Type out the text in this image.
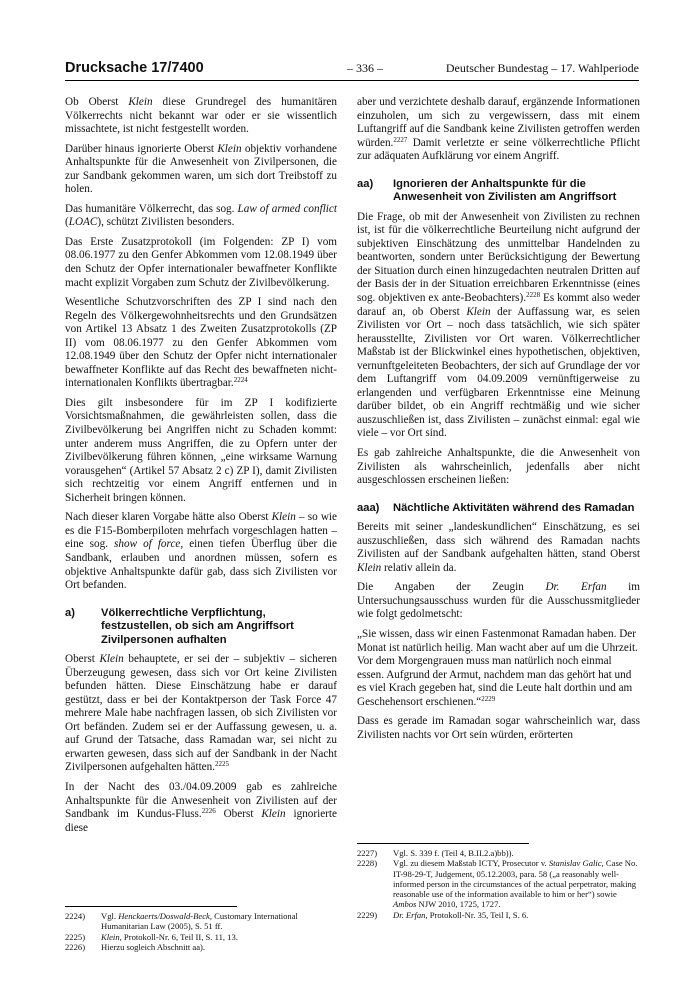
Drucksache 17/7400	– 336 –	Deutscher Bundestag – 17. Wahlperiode

Ob Oberst Klein diese Grundregel des humanitären Völkerrechts nicht bekannt war oder er sie wissentlich missachtete, ist nicht festgestellt worden.

Darüber hinaus ignorierte Oberst Klein objektiv vorhandene Anhaltspunkte für die Anwesenheit von Zivilpersonen, die zur Sandbank gekommen waren, um sich dort Treibstoff zu holen.

Das humanitäre Völkerrecht, das sog. Law of armed conflict (LOAC), schützt Zivilisten besonders.

Das Erste Zusatzprotokoll (im Folgenden: ZP I) vom 08.06.1977 zu den Genfer Abkommen vom 12.08.1949 über den Schutz der Opfer internationaler bewaffneter Konflikte macht explizit Vorgaben zum Schutz der Zivilbevölkerung.

Wesentliche Schutzvorschriften des ZP I sind nach den Regeln des Völkergewohnheitsrechts und den Grundsätzen von Artikel 13 Absatz 1 des Zweiten Zusatzprotokolls (ZP II) vom 08.06.1977 zu den Genfer Abkommen vom 12.08.1949 über den Schutz der Opfer nicht internationaler bewaffneter Konflikte auf das Recht des bewaffneten nicht-internationalen Konflikts übertragbar.$^{2224}$

Dies gilt insbesondere für im ZP I kodifizierte Vorsichtsmaßnahmen, die gewährleisten sollen, dass die Zivilbevölkerung bei Angriffen nicht zu Schaden kommt: unter anderem muss Angriffen, die zu Opfern unter der Zivilbevölkerung führen können, „eine wirksame Warnung vorausgehen“ (Artikel 57 Absatz 2 c) ZP I), damit Zivilisten sich rechtzeitig vor einem Angriff entfernen und in Sicherheit bringen können.

Nach dieser klaren Vorgabe hätte also Oberst Klein – so wie es die F15-Bomberpiloten mehrfach vorgeschlagen hatten – eine sog. show of force, einen tiefen Überflug über die Sandbank, erlauben und anordnen müssen, sofern es objektive Anhaltspunkte dafür gab, dass sich Zivilisten vor Ort befanden.

a)	Völkerrechtliche Verpflichtung, festzustellen, ob sich am Angriffsort Zivilpersonen aufhalten

Oberst Klein behauptete, er sei der – subjektiv – sicheren Überzeugung gewesen, dass sich vor Ort keine Zivilisten befunden hätten. Diese Einschätzung habe er darauf gestützt, dass er bei der Kontaktperson der Task Force 47 mehrere Male habe nachfragen lassen, ob sich Zivilisten vor Ort befänden. Zudem sei er der Auffassung gewesen, u. a. auf Grund der Tatsache, dass Ramadan war, sei nicht zu erwarten gewesen, dass sich auf der Sandbank in der Nacht Zivilpersonen aufgehalten hätten.$^{2225}$

In der Nacht des 03./04.09.2009 gab es zahlreiche Anhaltspunkte für die Anwesenheit von Zivilisten auf der Sandbank im Kundus-Fluss.$^{2226}$ Oberst Klein ignorierte diese

2224)	Vgl. Henckaerts/Doswald-Beck, Customary International Humanitarian Law (2005), S. 51 ff.
2225)	Klein, Protokoll-Nr. 6, Teil II, S. 11, 13.
2226)	Hierzu sogleich Abschnitt aa).

aber und verzichtete deshalb darauf, ergänzende Informationen einzuholen, um sich zu vergewissern, dass mit einem Luftangriff auf die Sandbank keine Zivilisten getroffen werden würden.$^{2227}$ Damit verletzte er seine völkerrechtliche Pflicht zur adäquaten Aufklärung vor einem Angriff.

aa)	Ignorieren der Anhaltspunkte für die Anwesenheit von Zivilisten am Angriffsort

Die Frage, ob mit der Anwesenheit von Zivilisten zu rechnen ist, ist für die völkerrechtliche Beurteilung nicht aufgrund der subjektiven Einschätzung des unmittelbar Handelnden zu beantworten, sondern unter Berücksichtigung der Bewertung der Situation durch einen hinzugedachten neutralen Dritten auf der Basis der in der Situation erreichbaren Erkenntnisse (eines sog. objektiven ex ante-Beobachters).$^{2228}$ Es kommt also weder darauf an, ob Oberst Klein der Auffassung war, es seien Zivilisten vor Ort – noch dass tatsächlich, wie sich später herausstellte, Zivilisten vor Ort waren. Völkerrechtlicher Maßstab ist der Blickwinkel eines hypothetischen, objektiven, vernunftgeleiteten Beobachters, der sich auf Grundlage der vor dem Luftangriff vom 04.09.2009 vernünftigerweise zu erlangenden und verfügbaren Erkenntnisse eine Meinung darüber bildet, ob ein Angriff rechtmäßig und wie sicher auszuschließen ist, dass Zivilisten – zunächst einmal: egal wie viele – vor Ort sind.

Es gab zahlreiche Anhaltspunkte, die die Anwesenheit von Zivilisten als wahrscheinlich, jedenfalls aber nicht ausgeschlossen erscheinen ließen:

aaa)	Nächtliche Aktivitäten während des Ramadan

Bereits mit seiner „landeskundlichen“ Einschätzung, es sei auszuschließen, dass sich während des Ramadan nachts Zivilisten auf der Sandbank aufgehalten hätten, stand Oberst Klein relativ allein da.

Die Angaben der Zeugin Dr. Erfan im Untersuchungsausschuss wurden für die Ausschussmitglieder wie folgt gedolmetscht:

„Sie wissen, dass wir einen Fastenmonat Ramadan haben. Der Monat ist natürlich heilig. Man wacht aber auf um die Uhrzeit. Vor dem Morgengrauen muss man natürlich noch einmal essen. Aufgrund der Armut, nachdem man das gehört hat und es viel Krach gegeben hat, sind die Leute halt dorthin und am Geschehensort erschienen.“$^{2229}$

Dass es gerade im Ramadan sogar wahrscheinlich war, dass Zivilisten nachts vor Ort sein würden, erörterten

2227)	Vgl. S. 339 f. (Teil 4, B.II.2.a)bb)).
2228)	Vgl. zu diesem Maßstab ICTY, Prosecutor v. Stanislav Galic, Case No. IT-98-29-T, Judgement, 05.12.2003, para. 58 („a reasonably well-informed person in the circumstances of the actual perpetrator, making reasonable use of the information available to him or her“) sowie Ambos NJW 2010, 1725, 1727.
2229)	Dr. Erfan, Protokoll-Nr. 35, Teil I, S. 6.
